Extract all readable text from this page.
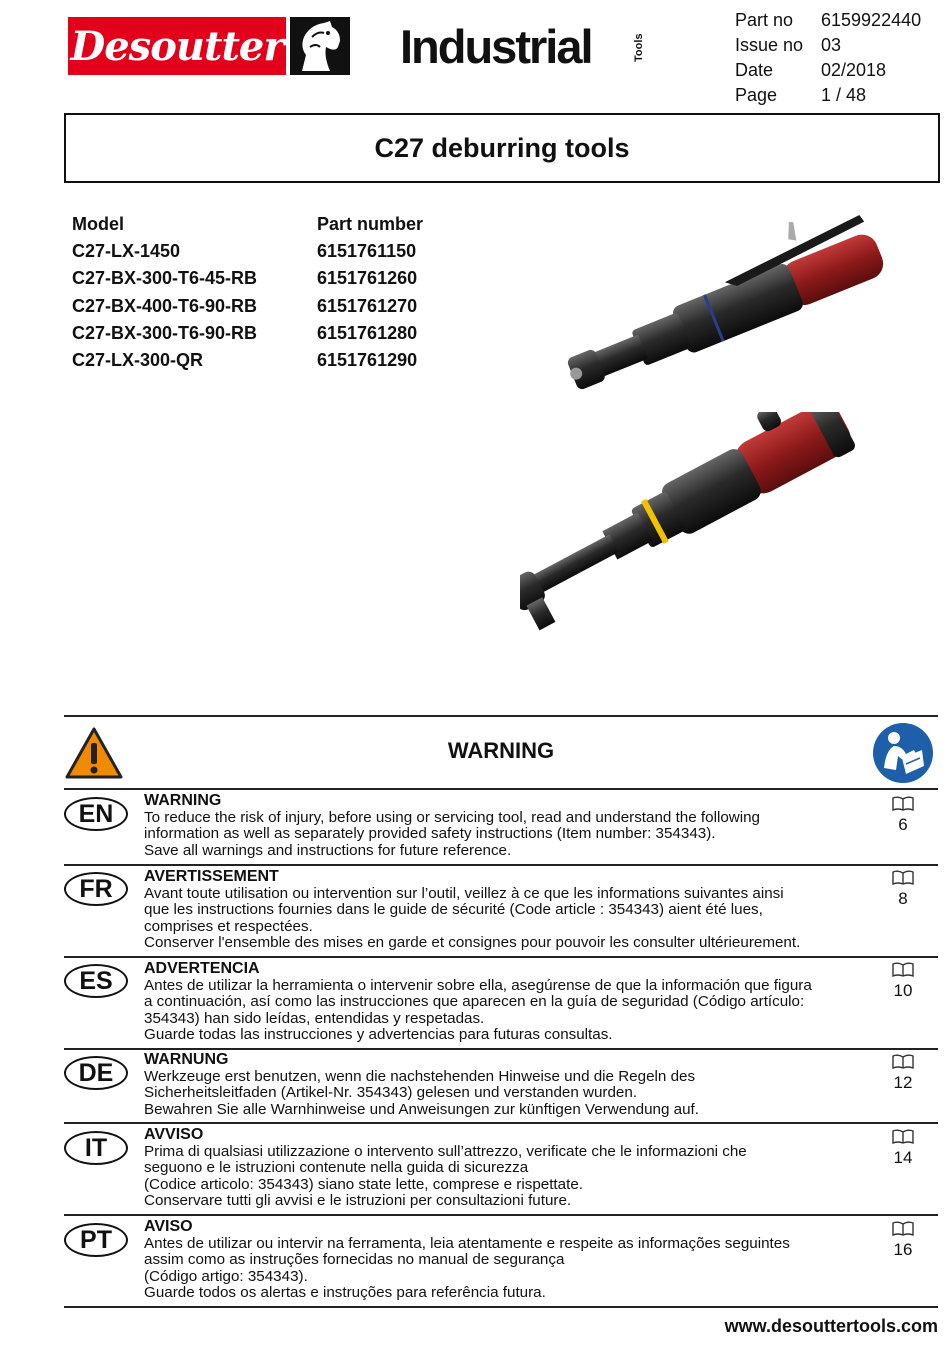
Desoutter Industrial	Tools
Part no	6159922440
Issue no 03
Date	02/2018
Page	1 / 48
C27 deburring tools
Model	Part number
C27-LX-1450	6151761150
C27-BX-300-T6-45-RB	6151761260
C27-BX-400-T6-90-RB	6151761270
C27-BX-300-T6-90-RB	6151761280
C27-LX-300-QR	6151761290
WARNING
EN WARNING
To reduce the risk of injury, before using or servicing tool, read and understand the following
information as well as separately provided safety instructions (Item number: 354343).
Save all warnings and instructions for future reference.
6
FR AVERTISSEMENT
Avant toute utilisation ou intervention sur l’outil, veillez à ce que les informations suivantes ainsi
que les instructions fournies dans le guide de sécurité (Code article : 354343) aient été lues,
comprises et respectées.
Conserver l'ensemble des mises en garde et consignes pour pouvoir les consulter ultérieurement.
8
ES ADVERTENCIA
Antes de utilizar la herramienta o intervenir sobre ella, asegúrense de que la información que figura
a continuación, así como las instrucciones que aparecen en la guía de seguridad (Código artículo:
354343) han sido leídas, entendidas y respetadas.
Guarde todas las instrucciones y advertencias para futuras consultas.
10
DE WARNUNG
Werkzeuge erst benutzen, wenn die nachstehenden Hinweise und die Regeln des
Sicherheitsleitfaden (Artikel-Nr. 354343) gelesen und verstanden wurden.
Bewahren Sie alle Warnhinweise und Anweisungen zur künftigen Verwendung auf.
12
IT AVVISO
Prima di qualsiasi utilizzazione o intervento sull’attrezzo, verificate che le informazioni che
seguono e le istruzioni contenute nella guida di sicurezza
(Codice articolo: 354343) siano state lette, comprese e rispettate.
Conservare tutti gli avvisi e le istruzioni per consultazioni future.
14
PT AVISO
Antes de utilizar ou intervir na ferramenta, leia atentamente e respeite as informações seguintes
assim como as instruções fornecidas no manual de segurança
(Código artigo: 354343).
Guarde todos os alertas e instruções para referência futura.
16
www.desouttertools.com
